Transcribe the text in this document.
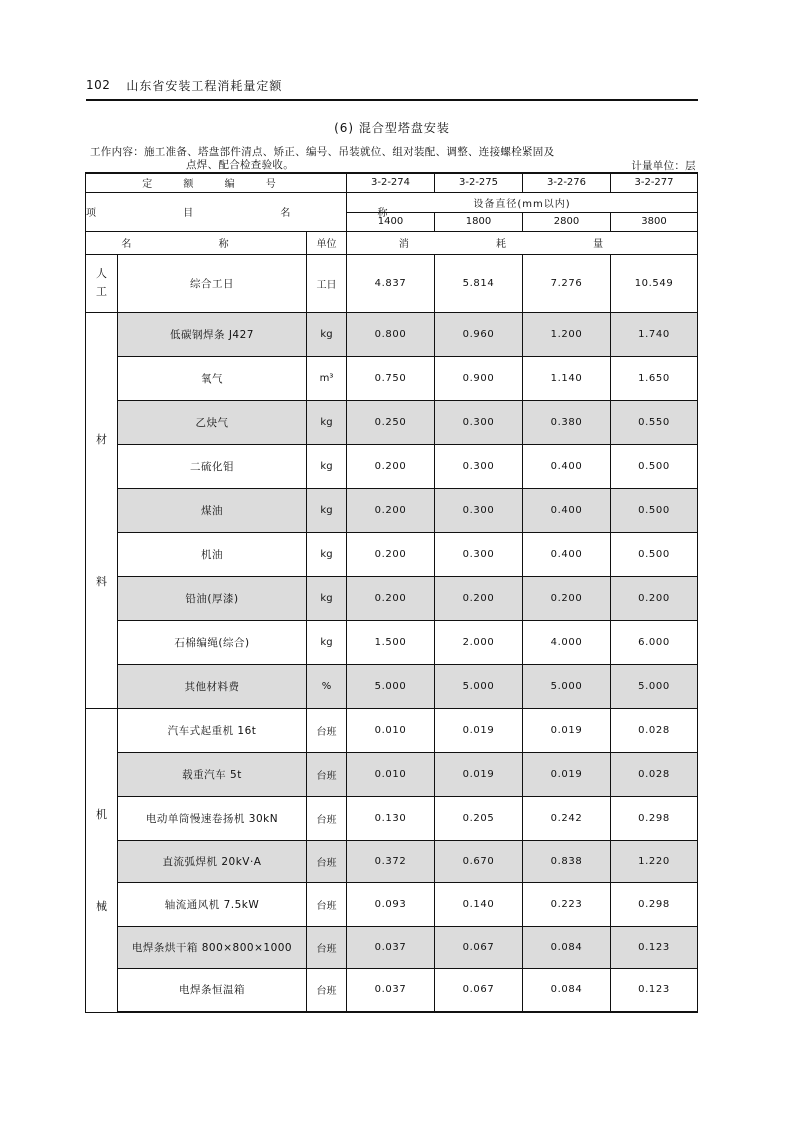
102 山东省安装工程消耗量定额
(6) 混合型塔盘安装
工作内容：施工准备、塔盘部件清点、矫正、编号、吊装就位、组对装配、调整、连接螺栓紧固及
点焊、配合检查验收。	计量单位：层
定 额 编 号			3-2-274	3-2-275	3-2-276	3-2-277
项 目 名 称			设备直径(mm以内)			
			1400	1800	2800	3800
名 称		单位	消 耗 量			

人
工	综合工日	工日	4.837	5.814	7.276	10.549

材
料	低碳钢焊条 J427	kg	0.800	0.960	1.200	1.740
	氧气	m³	0.750	0.900	1.140	1.650
	乙炔气	kg	0.250	0.300	0.380	0.550
	二硫化钼	kg	0.200	0.300	0.400	0.500
	煤油	kg	0.200	0.300	0.400	0.500
	机油	kg	0.200	0.300	0.400	0.500
	铅油(厚漆)	kg	0.200	0.200	0.200	0.200
	石棉编绳(综合)	kg	1.500	2.000	4.000	6.000
	其他材料费	%	5.000	5.000	5.000	5.000

机
械	汽车式起重机 16t	台班	0.010	0.019	0.019	0.028
	载重汽车 5t	台班	0.010	0.019	0.019	0.028
	电动单筒慢速卷扬机 30kN	台班	0.130	0.205	0.242	0.298
	直流弧焊机 20kV·A	台班	0.372	0.670	0.838	1.220
	轴流通风机 7.5kW	台班	0.093	0.140	0.223	0.298
	电焊条烘干箱 800×800×1000	台班	0.037	0.067	0.084	0.123
	电焊条恒温箱	台班	0.037	0.067	0.084	0.123
